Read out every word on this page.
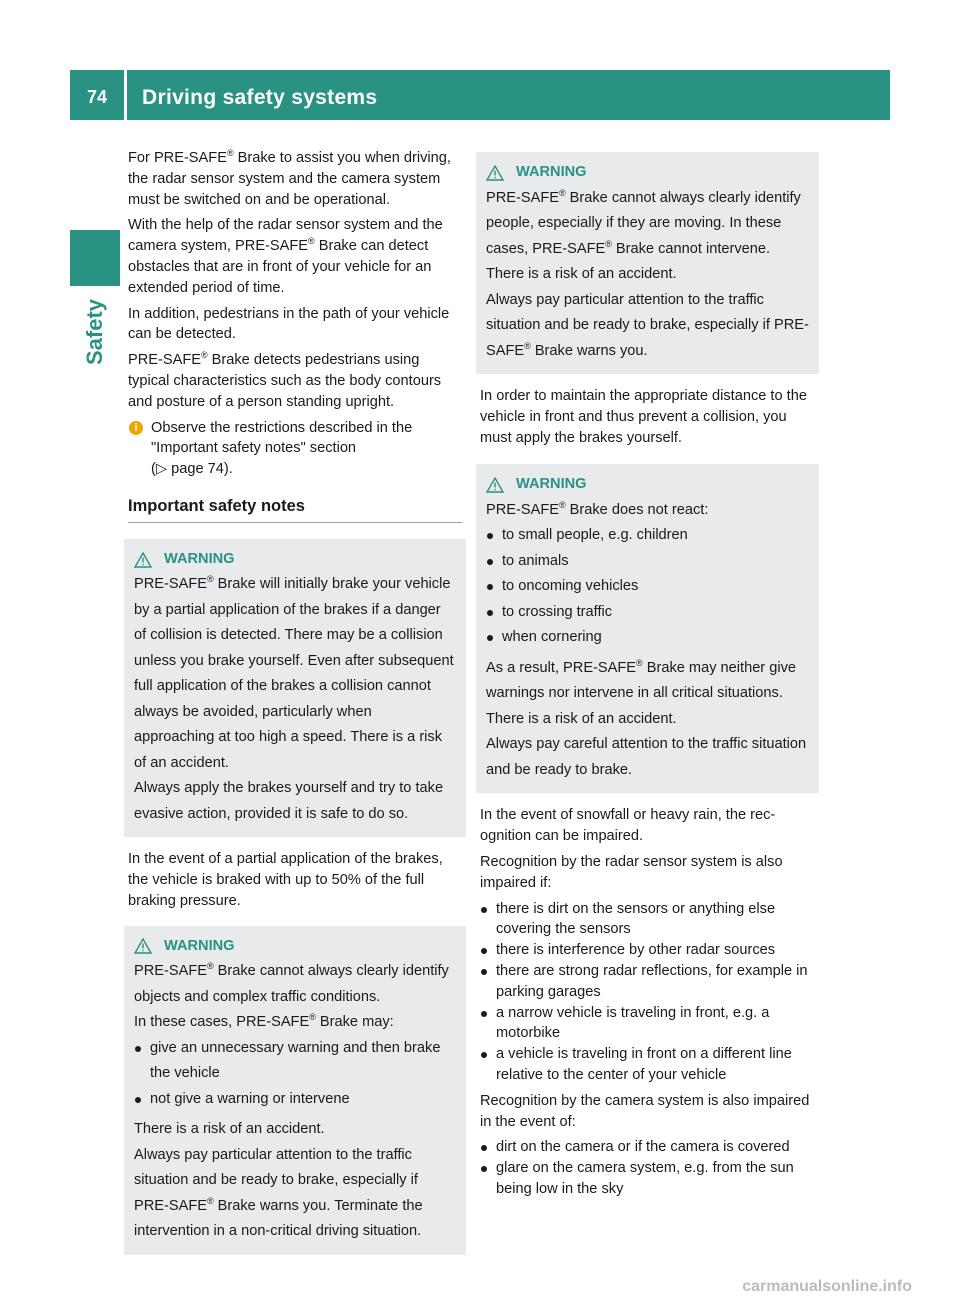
74	Driving safety systems
Safety

For PRE-SAFE® Brake to assist you when driving, the radar sensor system and the camera system must be switched on and be operational.

With the help of the radar sensor system and the camera system, PRE-SAFE® Brake can detect obstacles that are in front of your vehicle for an extended period of time.

In addition, pedestrians in the path of your vehicle can be detected.

PRE-SAFE® Brake detects pedestrians using typical characteristics such as the body contours and posture of a person standing upright.

i Observe the restrictions described in the "Important safety notes" section
(▷ page 74).
Important safety notes
WARNING

PRE-SAFE® Brake will initially brake your vehicle by a partial application of the brakes if a danger of collision is detected. There may be a collision unless you brake yourself. Even after subsequent full application of the brakes a collision cannot always be avoided, particularly when approaching at too high a speed. There is a risk of an accident.

Always apply the brakes yourself and try to take evasive action, provided it is safe to do so.

In the event of a partial application of the brakes, the vehicle is braked with up to 50% of the full braking pressure.

WARNING

PRE-SAFE® Brake cannot always clearly identify objects and complex traffic conditions.

In these cases, PRE-SAFE® Brake may:

give an unnecessary warning and then brake the vehicle
not give a warning or intervene

There is a risk of an accident.

Always pay particular attention to the traffic situation and be ready to brake, especially if PRE-SAFE® Brake warns you. Terminate the intervention in a non-critical driving situation.

WARNING

PRE-SAFE® Brake cannot always clearly identify people, especially if they are moving. In these cases, PRE-SAFE® Brake cannot intervene. There is a risk of an accident.

Always pay particular attention to the traffic situation and be ready to brake, especially if PRE-SAFE® Brake warns you.

In order to maintain the appropriate distance to the vehicle in front and thus prevent a collision, you must apply the brakes yourself.

WARNING

PRE-SAFE® Brake does not react:

to small people, e.g. children
to animals
to oncoming vehicles
to crossing traffic
when cornering

As a result, PRE-SAFE® Brake may neither give warnings nor intervene in all critical situations. There is a risk of an accident.

Always pay careful attention to the traffic situation and be ready to brake.

In the event of snowfall or heavy rain, the recognition can be impaired.

Recognition by the radar sensor system is also impaired if:

there is dirt on the sensors or anything else covering the sensors
there is interference by other radar sources
there are strong radar reflections, for example in parking garages
a narrow vehicle is traveling in front, e.g. a motorbike
a vehicle is traveling in front on a different line relative to the center of your vehicle

Recognition by the camera system is also impaired in the event of:

dirt on the camera or if the camera is covered
glare on the camera system, e.g. from the sun being low in the sky
carmanualsonline.info
